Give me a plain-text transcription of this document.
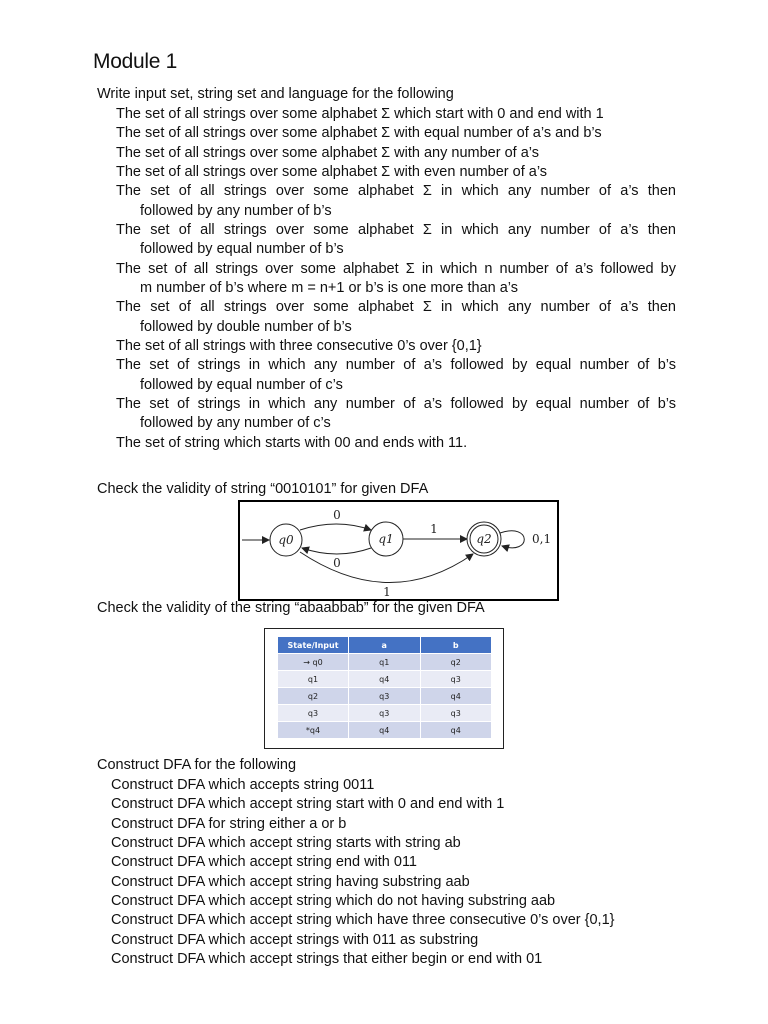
Module 1
Write input set, string set and language for the following
The set of all strings over some alphabet Σ which start with 0 and end with 1
The set of all strings over some alphabet Σ with equal number of a’s and b’s
The set of all strings over some alphabet Σ with any number of a’s
The set of all strings over some alphabet Σ with even number of a’s
The set of all strings over some alphabet Σ in which any number of a’s then
followed by any number of b’s
The set of all strings over some alphabet Σ in which any number of a’s then
followed by equal number of b’s
The set of all strings over some alphabet Σ in which n number of a’s followed by
m number of b’s where m = n+1 or b’s is one more than a’s
The set of all strings over some alphabet Σ in which any number of a’s then
followed by double number of b’s
The set of all strings with three consecutive 0’s over {0,1}
The set of strings in which any number of a’s followed by equal number of b’s
followed by equal number of c’s
The set of strings in which any number of a’s followed by equal number of b’s
followed by any number of c’s
The set of string which starts with 00 and ends with 11.
Check the validity of string “0010101” for given DFA
q0	q1	q2
0
0
1
1
0,1
Check the validity of the string “abaabbab” for the given DFA
State/Input	a	b
→ q0	q1	q2
q1	q4	q3
q2	q3	q4
q3	q3	q3
*q4	q4	q4
Construct DFA for the following
Construct DFA which accepts string 0011
Construct DFA which accept string start with 0 and end with 1
Construct DFA for string either a or b
Construct DFA which accept string starts with string ab
Construct DFA which accept string end with 011
Construct DFA which accept string having substring aab
Construct DFA which accept string which do not having substring aab
Construct DFA which accept string which have three consecutive 0’s over {0,1}
Construct DFA which accept strings with 011 as substring
Construct DFA which accept strings that either begin or end with 01
